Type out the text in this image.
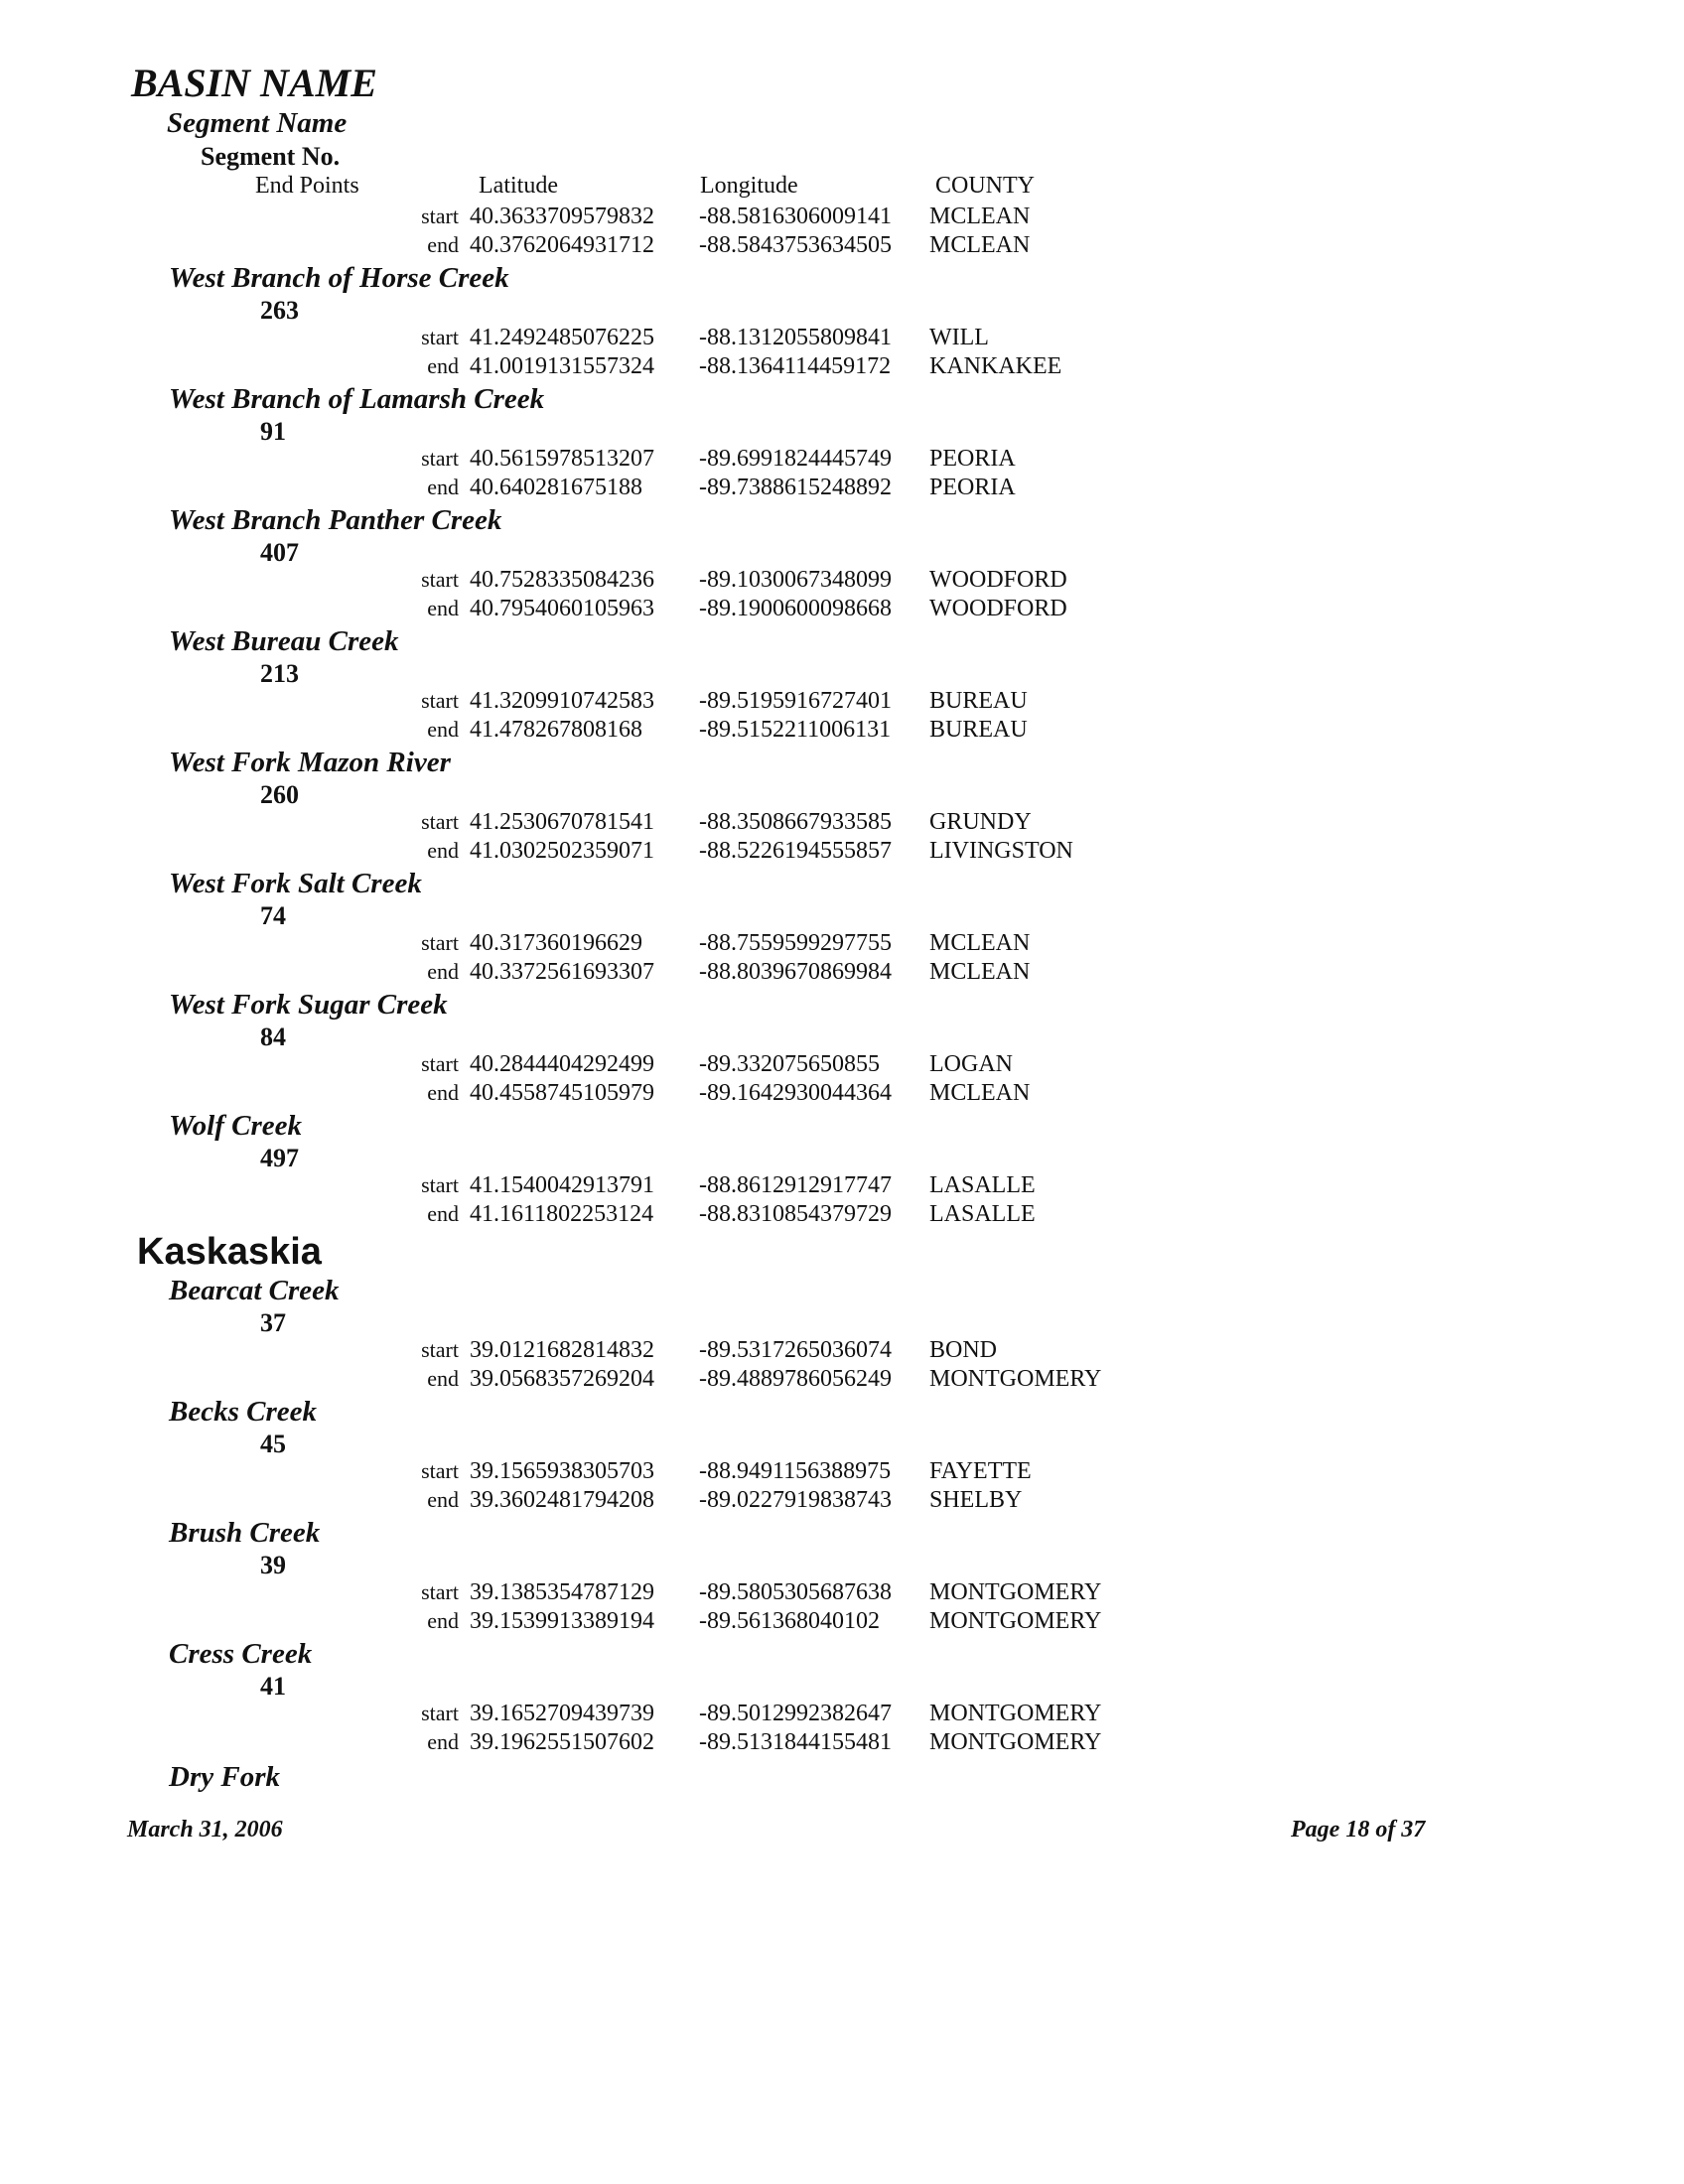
BASIN NAME
Segment Name
Segment No.
End Points	Latitude	Longitude	COUNTY
start 40.3633709579832 -88.5816306009141 MCLEAN
end 40.3762064931712 -88.5843753634505 MCLEAN
West Branch of Horse Creek
263
start 41.2492485076225 -88.1312055809841 WILL
end 41.0019131557324 -88.1364114459172 KANKAKEE
West Branch of Lamarsh Creek
91
start 40.5615978513207 -89.6991824445749 PEORIA
end 40.640281675188 -89.7388615248892 PEORIA
West Branch Panther Creek
407
start 40.7528335084236 -89.1030067348099 WOODFORD
end 40.7954060105963 -89.1900600098668 WOODFORD
West Bureau Creek
213
start 41.3209910742583 -89.5195916727401 BUREAU
end 41.478267808168 -89.5152211006131 BUREAU
West Fork Mazon River
260
start 41.2530670781541 -88.3508667933585 GRUNDY
end 41.0302502359071 -88.5226194555857 LIVINGSTON
West Fork Salt Creek
74
start 40.317360196629 -88.7559599297755 MCLEAN
end 40.3372561693307 -88.8039670869984 MCLEAN
West Fork Sugar Creek
84
start 40.2844404292499 -89.332075650855 LOGAN
end 40.4558745105979 -89.1642930044364 MCLEAN
Wolf Creek
497
start 41.1540042913791 -88.8612912917747 LASALLE
end 41.1611802253124 -88.8310854379729 LASALLE
Kaskaskia
Bearcat Creek
37
start 39.0121682814832 -89.5317265036074 BOND
end 39.0568357269204 -89.4889786056249 MONTGOMERY
Becks Creek
45
start 39.1565938305703 -88.9491156388975 FAYETTE
end 39.3602481794208 -89.0227919838743 SHELBY
Brush Creek
39
start 39.1385354787129 -89.5805305687638 MONTGOMERY
end 39.1539913389194 -89.561368040102 MONTGOMERY
Cress Creek
41
start 39.1652709439739 -89.5012992382647 MONTGOMERY
end 39.1962551507602 -89.5131844155481 MONTGOMERY
Dry Fork
March 31, 2006	Page 18 of 37
